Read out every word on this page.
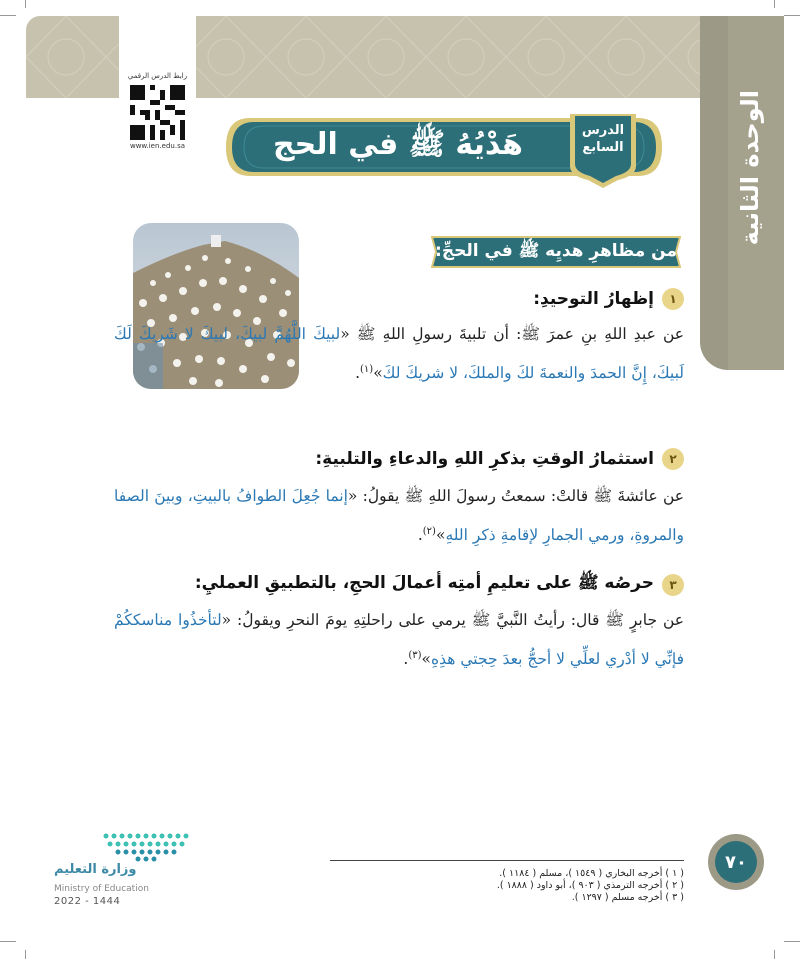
الوحدة الثانية
رابط الدرس الرقمي
www.ien.edu.sa	هَدْيُهُ ﷺ في الحج	الدرس
السابع
من مظاهرِ هديِه ﷺ في الحجِّ:
١
إظهارُ التوحيدِ:
عن عبدِ اللهِ بنِ عمرَ ﷺ: أن تلبيةَ رسولِ اللهِ ﷺ «لبيكَ اللَّهُمَّ لبيكَ، لبيكَ لا شَريكَ لَكَ لَبيكَ، إِنَّ الحمدَ والنعمةَ لكَ والملكَ، لا شريكَ لكَ»$^{(١)}$.
٢
استثمارُ الوقتِ بذكرِ اللهِ والدعاءِ والتلبيةِ:
عن عائشةَ ﷺ قالتْ: سمعتُ رسولَ اللهِ ﷺ يقولُ: «إنما جُعِلَ الطوافُ بالبيتِ، وبينَ الصفا والمروةِ، ورمي الجمارِ لإقامةِ ذكرِ اللهِ»$^{(٢)}$.
٣
حرصُه ﷺ على تعليمِ أمتِه أعمالَ الحجِ، بالتطبيقِ العمليِ:
عن جابرٍ ﷺ قال: رأيتُ النَّبيَّ ﷺ يرمي على راحلتِهِ يومَ النحرِ ويقولُ: «لتأخذُوا مناسككُمْ فإنِّي لا أدْري لعلِّي لا أحجُّ بعدَ حِجتي هذِهِ»$^{(٣)}$.
وزارة التعليم
Ministry of Education
2022 - 1444
( ١ ) أخرجه البخاري ( ١٥٤٩ )، مسلم ( ١١٨٤ ).
( ٢ ) أخرجه الترمذي ( ٩٠٣ )، أبو داود ( ١٨٨٨ ).
( ٣ ) أخرجه مسلم ( ١٢٩٧ ).
٧٠
